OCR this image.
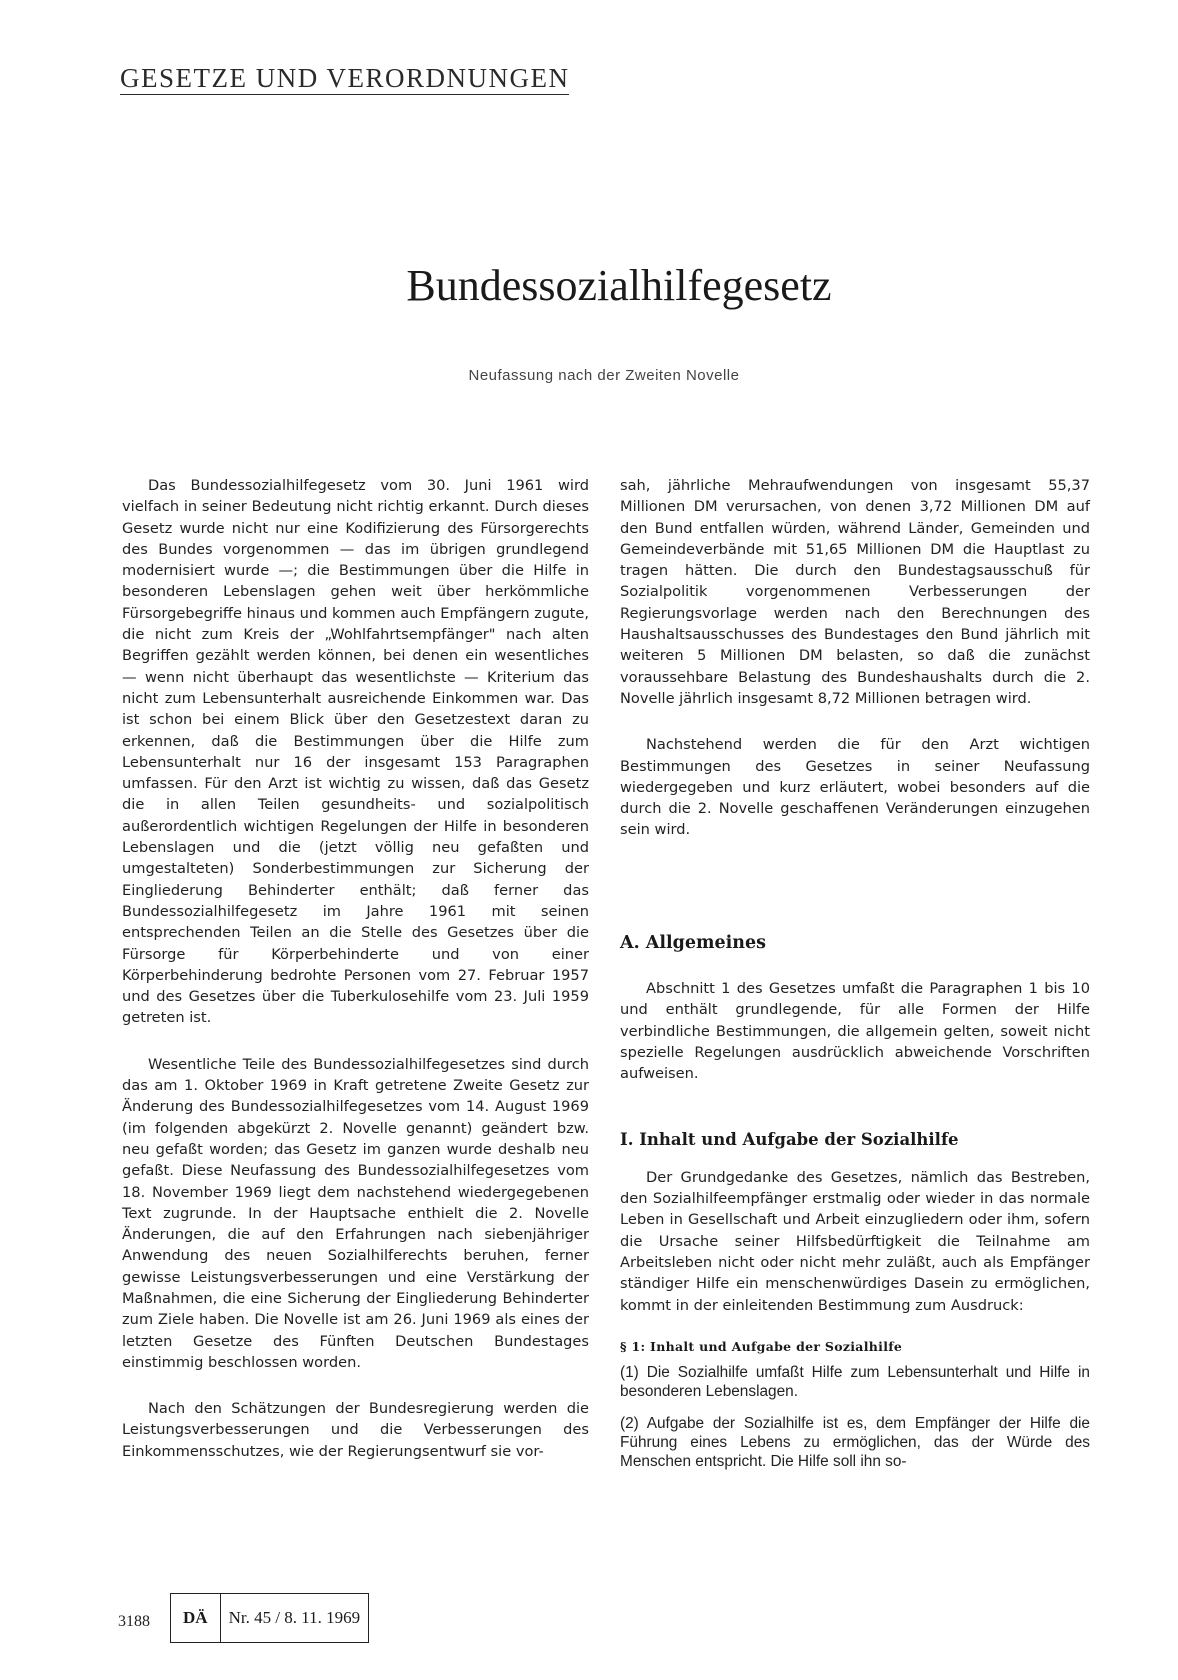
GESETZE UND VERORDNUNGEN
Bundessozialhilfegesetz
Neufassung nach der Zweiten Novelle

Das Bundessozialhilfegesetz vom 30. Juni 1961 wird vielfach in seiner Bedeutung nicht richtig erkannt. Durch dieses Gesetz wurde nicht nur eine Kodifizierung des Fürsorgerechts des Bundes vorgenommen — das im übrigen grundlegend modernisiert wurde —; die Bestimmungen über die Hilfe in besonderen Lebenslagen gehen weit über herkömmliche Fürsorgebegriffe hinaus und kommen auch Empfängern zugute, die nicht zum Kreis der „Wohlfahrtsempfänger" nach alten Begriffen gezählt werden können, bei denen ein wesentliches — wenn nicht überhaupt das wesentlichste — Kriterium das nicht zum Lebensunterhalt ausreichende Einkommen war. Das ist schon bei einem Blick über den Gesetzestext daran zu erkennen, daß die Bestimmungen über die Hilfe zum Lebensunterhalt nur 16 der insgesamt 153 Paragraphen umfassen. Für den Arzt ist wichtig zu wissen, daß das Gesetz die in allen Teilen gesundheits- und sozialpolitisch außerordentlich wichtigen Regelungen der Hilfe in besonderen Lebenslagen und die (jetzt völlig neu gefaßten und umgestalteten) Sonderbestimmungen zur Sicherung der Eingliederung Behinderter enthält; daß ferner das Bundessozialhilfegesetz im Jahre 1961 mit seinen entsprechenden Teilen an die Stelle des Gesetzes über die Fürsorge für Körperbehinderte und von einer Körperbehinderung bedrohte Personen vom 27. Februar 1957 und des Gesetzes über die Tuberkulosehilfe vom 23. Juli 1959 getreten ist.

Wesentliche Teile des Bundessozialhilfegesetzes sind durch das am 1. Oktober 1969 in Kraft getretene Zweite Gesetz zur Änderung des Bundessozialhilfegesetzes vom 14. August 1969 (im folgenden abgekürzt 2. Novelle genannt) geändert bzw. neu gefaßt worden; das Gesetz im ganzen wurde deshalb neu gefaßt. Diese Neufassung des Bundessozialhilfegesetzes vom 18. November 1969 liegt dem nachstehend wiedergegebenen Text zugrunde. In der Hauptsache enthielt die 2. Novelle Änderungen, die auf den Erfahrungen nach siebenjähriger Anwendung des neuen Sozialhilferechts beruhen, ferner gewisse Leistungsverbesserungen und eine Verstärkung der Maßnahmen, die eine Sicherung der Eingliederung Behinderter zum Ziele haben. Die Novelle ist am 26. Juni 1969 als eines der letzten Gesetze des Fünften Deutschen Bundestages einstimmig beschlossen worden.

Nach den Schätzungen der Bundesregierung werden die Leistungsverbesserungen und die Verbesserungen des Einkommensschutzes, wie der Regierungsentwurf sie vor-

sah, jährliche Mehraufwendungen von insgesamt 55,37 Millionen DM verursachen, von denen 3,72 Millionen DM auf den Bund entfallen würden, während Länder, Gemeinden und Gemeindeverbände mit 51,65 Millionen DM die Hauptlast zu tragen hätten. Die durch den Bundestagsausschuß für Sozialpolitik vorgenommenen Verbesserungen der Regierungsvorlage werden nach den Berechnungen des Haushaltsausschusses des Bundestages den Bund jährlich mit weiteren 5 Millionen DM belasten, so daß die zunächst voraussehbare Belastung des Bundeshaushalts durch die 2. Novelle jährlich insgesamt 8,72 Millionen betragen wird.

Nachstehend werden die für den Arzt wichtigen Bestimmungen des Gesetzes in seiner Neufassung wiedergegeben und kurz erläutert, wobei besonders auf die durch die 2. Novelle geschaffenen Veränderungen einzugehen sein wird.

A. Allgemeines

Abschnitt 1 des Gesetzes umfaßt die Paragraphen 1 bis 10 und enthält grundlegende, für alle Formen der Hilfe verbindliche Bestimmungen, die allgemein gelten, soweit nicht spezielle Regelungen ausdrücklich abweichende Vorschriften aufweisen.

I. Inhalt und Aufgabe der Sozialhilfe

Der Grundgedanke des Gesetzes, nämlich das Bestreben, den Sozialhilfeempfänger erstmalig oder wieder in das normale Leben in Gesellschaft und Arbeit einzugliedern oder ihm, sofern die Ursache seiner Hilfsbedürftigkeit die Teilnahme am Arbeitsleben nicht oder nicht mehr zuläßt, auch als Empfänger ständiger Hilfe ein menschenwürdiges Dasein zu ermöglichen, kommt in der einleitenden Bestimmung zum Ausdruck:

§ 1: Inhalt und Aufgabe der Sozialhilfe

(1) Die Sozialhilfe umfaßt Hilfe zum Lebensunterhalt und Hilfe in besonderen Lebenslagen.

(2) Aufgabe der Sozialhilfe ist es, dem Empfänger der Hilfe die Führung eines Lebens zu ermöglichen, das der Würde des Menschen entspricht. Die Hilfe soll ihn so-

3188	DÄ	Nr. 45 / 8. 11. 1969
